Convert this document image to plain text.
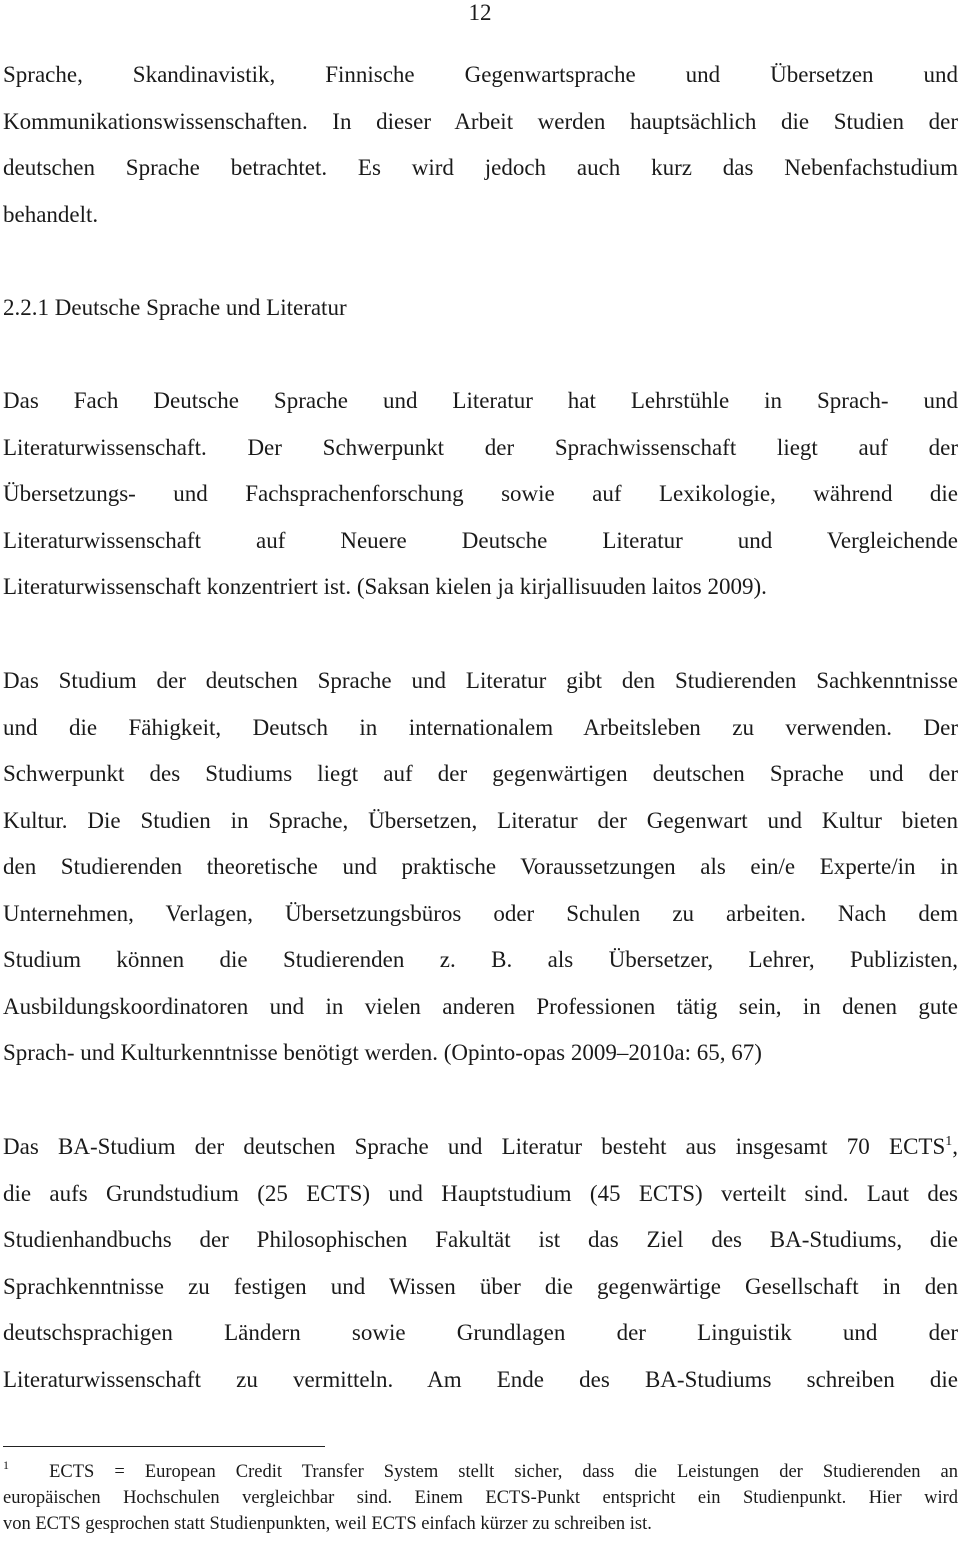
12
Sprache, Skandinavistik, Finnische Gegenwartsprache und Übersetzen und
Kommunikationswissenschaften. In dieser Arbeit werden hauptsächlich die Studien der
deutschen Sprache betrachtet. Es wird jedoch auch kurz das Nebenfachstudium
behandelt.
2.2.1 Deutsche Sprache und Literatur
Das Fach Deutsche Sprache und Literatur hat Lehrstühle in Sprach- und
Literaturwissenschaft. Der Schwerpunkt der Sprachwissenschaft liegt auf der
Übersetzungs- und Fachsprachenforschung sowie auf Lexikologie, während die
Literaturwissenschaft auf Neuere Deutsche Literatur und Vergleichende
Literaturwissenschaft konzentriert ist. (Saksan kielen ja kirjallisuuden laitos 2009).
Das Studium der deutschen Sprache und Literatur gibt den Studierenden Sachkenntnisse
und die Fähigkeit, Deutsch in internationalem Arbeitsleben zu verwenden. Der
Schwerpunkt des Studiums liegt auf der gegenwärtigen deutschen Sprache und der
Kultur. Die Studien in Sprache, Übersetzen, Literatur der Gegenwart und Kultur bieten
den Studierenden theoretische und praktische Voraussetzungen als ein/e Experte/in in
Unternehmen, Verlagen, Übersetzungsbüros oder Schulen zu arbeiten. Nach dem
Studium können die Studierenden z. B. als Übersetzer, Lehrer, Publizisten,
Ausbildungskoordinatoren und in vielen anderen Professionen tätig sein, in denen gute
Sprach- und Kulturkenntnisse benötigt werden. (Opinto-opas 2009–2010a: 65, 67)
Das BA-Studium der deutschen Sprache und Literatur besteht aus insgesamt 70 ECTS$^1$,
die aufs Grundstudium (25 ECTS) und Hauptstudium (45 ECTS) verteilt sind. Laut des
Studienhandbuchs der Philosophischen Fakultät ist das Ziel des BA-Studiums, die
Sprachkenntnisse zu festigen und Wissen über die gegenwärtige Gesellschaft in den
deutschsprachigen Ländern sowie Grundlagen der Linguistik und der
Literaturwissenschaft zu vermitteln. Am Ende des BA-Studiums schreiben die
$^1$ ECTS = European Credit Transfer System stellt sicher, dass die Leistungen der Studierenden an
europäischen Hochschulen vergleichbar sind. Einem ECTS-Punkt entspricht ein Studienpunkt. Hier wird
von ECTS gesprochen statt Studienpunkten, weil ECTS einfach kürzer zu schreiben ist.
